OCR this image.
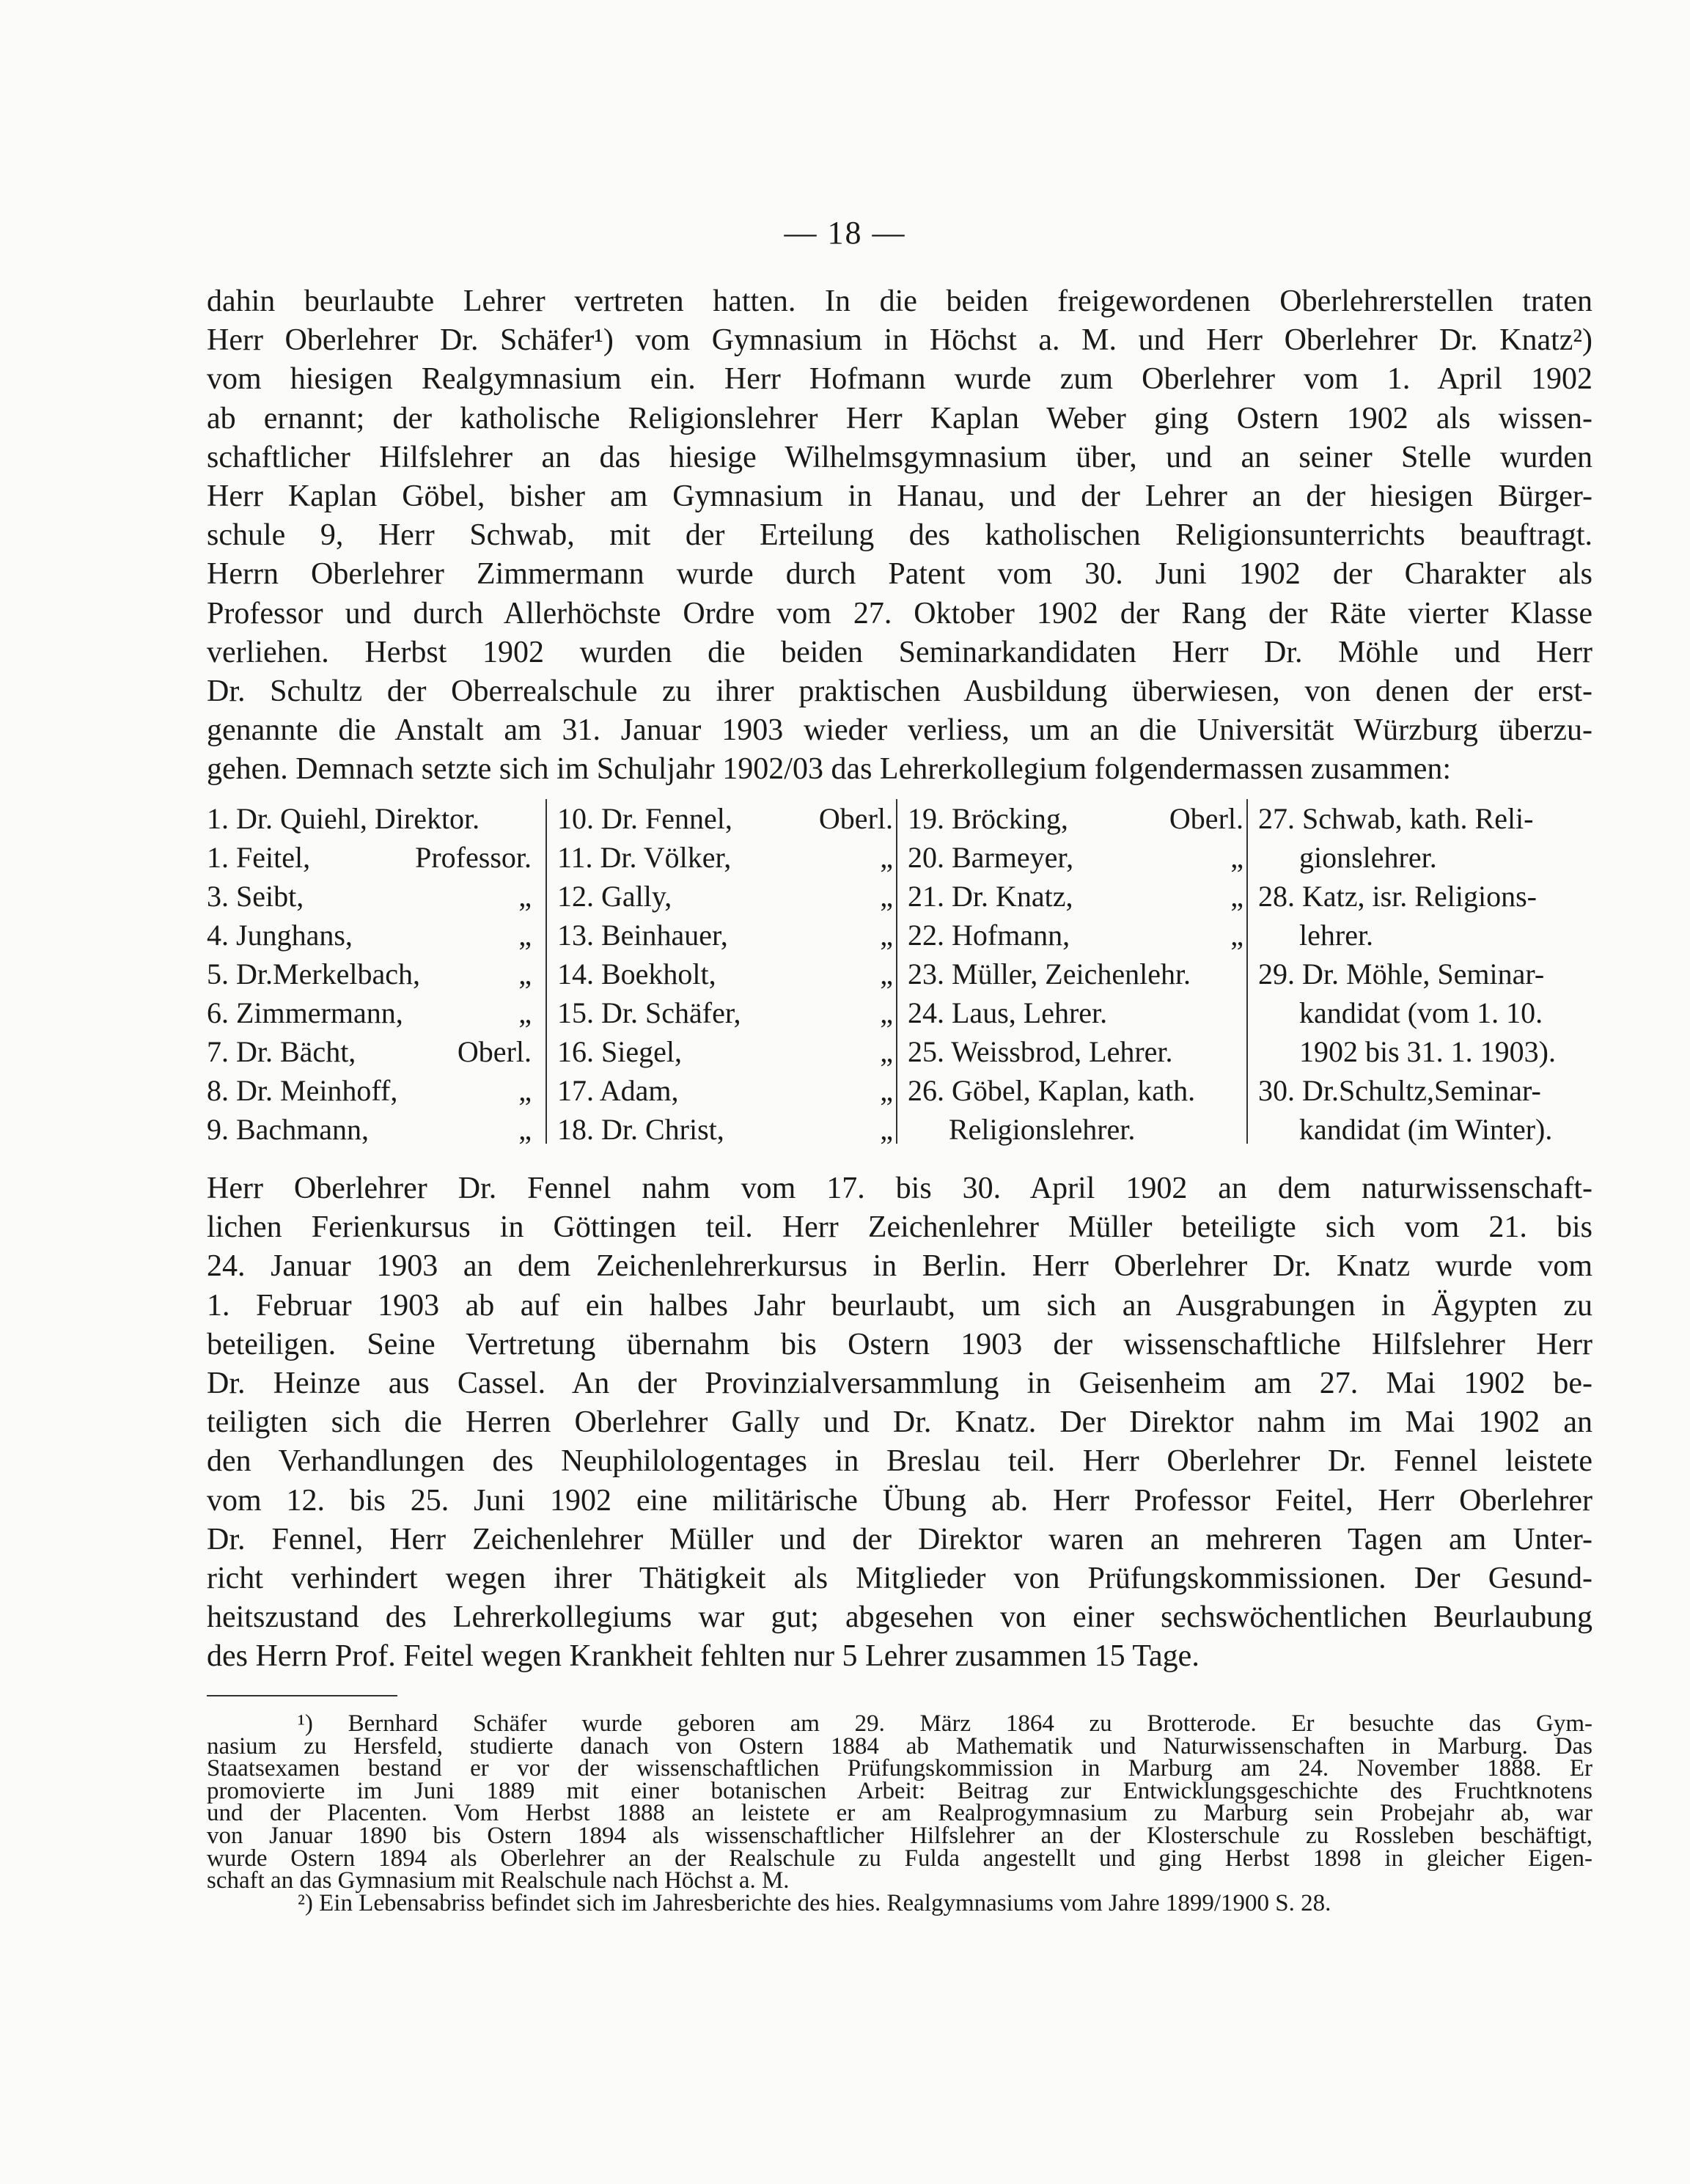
— 18 —
dahin beurlaubte Lehrer vertreten hatten. In die beiden freigewordenen Oberlehrerstellen traten
Herr Oberlehrer Dr. Schäfer¹) vom Gymnasium in Höchst a. M. und Herr Oberlehrer Dr. Knatz²)
vom hiesigen Realgymnasium ein. Herr Hofmann wurde zum Oberlehrer vom 1. April 1902
ab ernannt; der katholische Religionslehrer Herr Kaplan Weber ging Ostern 1902 als wissen-
schaftlicher Hilfslehrer an das hiesige Wilhelmsgymnasium über, und an seiner Stelle wurden
Herr Kaplan Göbel, bisher am Gymnasium in Hanau, und der Lehrer an der hiesigen Bürger-
schule 9, Herr Schwab, mit der Erteilung des katholischen Religionsunterrichts beauftragt.
Herrn Oberlehrer Zimmermann wurde durch Patent vom 30. Juni 1902 der Charakter als
Professor und durch Allerhöchste Ordre vom 27. Oktober 1902 der Rang der Räte vierter Klasse
verliehen. Herbst 1902 wurden die beiden Seminarkandidaten Herr Dr. Möhle und Herr
Dr. Schultz der Oberrealschule zu ihrer praktischen Ausbildung überwiesen, von denen der erst-
genannte die Anstalt am 31. Januar 1903 wieder verliess, um an die Universität Würzburg überzu-
gehen. Demnach setzte sich im Schuljahr 1902/03 das Lehrerkollegium folgendermassen zusammen:
1. Dr. Quiehl, Direktor.
1. Feitel,	Professor.
3. Seibt,	„
4. Junghans,	„
5. Dr.Merkelbach,	„
6. Zimmermann,	„
7. Dr. Bächt,	Oberl.
8. Dr. Meinhoff,	„
9. Bachmann,	„
10. Dr. Fennel,	Oberl.
11. Dr. Völker,	„
12. Gally,	„
13. Beinhauer,	„
14. Boekholt,	„
15. Dr. Schäfer,	„
16. Siegel,	„
17. Adam,	„
18. Dr. Christ,	„
19. Bröcking,	Oberl.
20. Barmeyer,	„
21. Dr. Knatz,	„
22. Hofmann,	„
23. Müller, Zeichenlehr.
24. Laus, Lehrer.
25. Weissbrod, Lehrer.
26. Göbel, Kaplan, kath.
Religionslehrer.
27. Schwab, kath. Reli-
gionslehrer.
28. Katz, isr. Religions-
lehrer.
29. Dr. Möhle, Seminar-
kandidat (vom 1. 10.
1902 bis 31. 1. 1903).
30. Dr.Schultz,Seminar-
kandidat (im Winter).
Herr Oberlehrer Dr. Fennel nahm vom 17. bis 30. April 1902 an dem naturwissenschaft-
lichen Ferienkursus in Göttingen teil. Herr Zeichenlehrer Müller beteiligte sich vom 21. bis
24. Januar 1903 an dem Zeichenlehrerkursus in Berlin. Herr Oberlehrer Dr. Knatz wurde vom
1. Februar 1903 ab auf ein halbes Jahr beurlaubt, um sich an Ausgrabungen in Ägypten zu
beteiligen. Seine Vertretung übernahm bis Ostern 1903 der wissenschaftliche Hilfslehrer Herr
Dr. Heinze aus Cassel. An der Provinzialversammlung in Geisenheim am 27. Mai 1902 be-
teiligten sich die Herren Oberlehrer Gally und Dr. Knatz. Der Direktor nahm im Mai 1902 an
den Verhandlungen des Neuphilologentages in Breslau teil. Herr Oberlehrer Dr. Fennel leistete
vom 12. bis 25. Juni 1902 eine militärische Übung ab. Herr Professor Feitel, Herr Oberlehrer
Dr. Fennel, Herr Zeichenlehrer Müller und der Direktor waren an mehreren Tagen am Unter-
richt verhindert wegen ihrer Thätigkeit als Mitglieder von Prüfungskommissionen. Der Gesund-
heitszustand des Lehrerkollegiums war gut; abgesehen von einer sechswöchentlichen Beurlaubung
des Herrn Prof. Feitel wegen Krankheit fehlten nur 5 Lehrer zusammen 15 Tage.
¹) Bernhard Schäfer wurde geboren am 29. März 1864 zu Brotterode. Er besuchte das Gym-
nasium zu Hersfeld, studierte danach von Ostern 1884 ab Mathematik und Naturwissenschaften in Marburg. Das
Staatsexamen bestand er vor der wissenschaftlichen Prüfungskommission in Marburg am 24. November 1888. Er
promovierte im Juni 1889 mit einer botanischen Arbeit: Beitrag zur Entwicklungsgeschichte des Fruchtknotens
und der Placenten. Vom Herbst 1888 an leistete er am Realprogymnasium zu Marburg sein Probejahr ab, war
von Januar 1890 bis Ostern 1894 als wissenschaftlicher Hilfslehrer an der Klosterschule zu Rossleben beschäftigt,
wurde Ostern 1894 als Oberlehrer an der Realschule zu Fulda angestellt und ging Herbst 1898 in gleicher Eigen-
schaft an das Gymnasium mit Realschule nach Höchst a. M.
²) Ein Lebensabriss befindet sich im Jahresberichte des hies. Realgymnasiums vom Jahre 1899/1900 S. 28.
